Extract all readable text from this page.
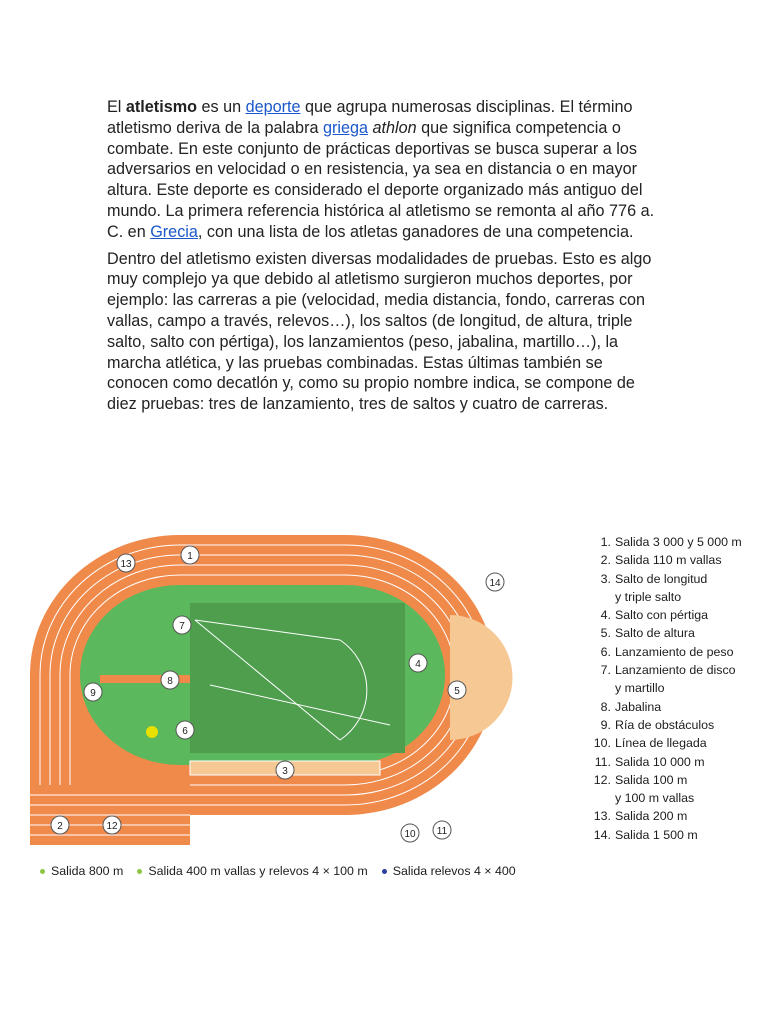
El atletismo es un deporte que agrupa numerosas disciplinas. El término atletismo deriva de la palabra griega athlon que significa competencia o combate. En este conjunto de prácticas deportivas se busca superar a los adversarios en velocidad o en resistencia, ya sea en distancia o en mayor altura. Este deporte es considerado el deporte organizado más antiguo del mundo. La primera referencia histórica al atletismo se remonta al año 776 a. C. en Grecia, con una lista de los atletas ganadores de una competencia.

Dentro del atletismo existen diversas modalidades de pruebas. Esto es algo muy complejo ya que debido al atletismo surgieron muchos deportes, por ejemplo: las carreras a pie (velocidad, media distancia, fondo, carreras con vallas, campo a través, relevos…), los saltos (de longitud, de altura, triple salto, salto con pértiga), los lanzamientos (peso, jabalina, martillo…), la marcha atlética, y las pruebas combinadas. Estas últimas también se conocen como decatlón y, como su propio nombre indica, se compone de diez pruebas: tres de lanzamiento, tres de saltos y cuatro de carreras.

1
2
3
4
5
6
7
8
9
10 11
12
13
14
1. Salida 3 000 y 5 000 m
2. Salida 110 m vallas
3. Salto de longitud
y triple salto
4. Salto con pértiga
5. Salto de altura
6. Lanzamiento de peso
7. Lanzamiento de disco
y martillo
8. Jabalina
9. Ría de obstáculos
10. Línea de llegada
11. Salida 10 000 m
12. Salida 100 m
y 100 m vallas
13. Salida 200 m
14. Salida 1 500 m
Salida 800 m Salida 400 m vallas y relevos 4 × 100 m Salida relevos 4 × 400
